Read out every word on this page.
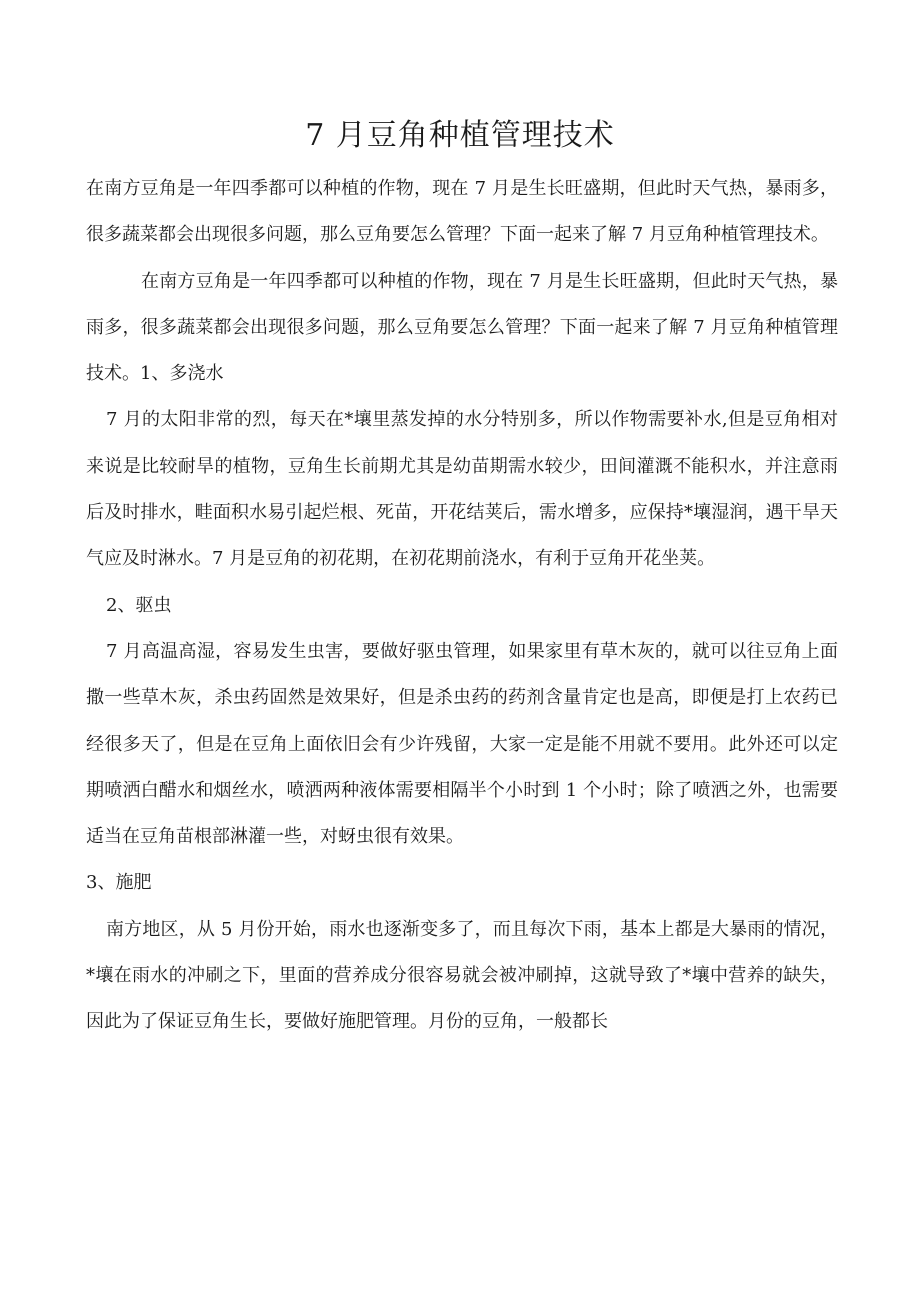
7 月豆角种植管理技术

在南方豆角是一年四季都可以种植的作物，现在 7 月是生长旺盛期，但此时天气热，暴雨多，很多蔬菜都会出现很多问题，那么豆角要怎么管理？下面一起来了解 7 月豆角种植管理技术。

在南方豆角是一年四季都可以种植的作物，现在 7 月是生长旺盛期，但此时天气热，暴雨多，很多蔬菜都会出现很多问题，那么豆角要怎么管理？下面一起来了解 7 月豆角种植管理技术。1、多浇水

7 月的太阳非常的烈，每天在*壤里蒸发掉的水分特别多，所以作物需要补水,但是豆角相对来说是比较耐旱的植物，豆角生长前期尤其是幼苗期需水较少，田间灌溉不能积水，并注意雨后及时排水，畦面积水易引起烂根、死苗，开花结荚后，需水增多，应保持*壤湿润，遇干旱天气应及时淋水。7 月是豆角的初花期，在初花期前浇水，有利于豆角开花坐荚。

2、驱虫

7 月高温高湿，容易发生虫害，要做好驱虫管理，如果家里有草木灰的，就可以往豆角上面撒一些草木灰，杀虫药固然是效果好，但是杀虫药的药剂含量肯定也是高，即便是打上农药已经很多天了，但是在豆角上面依旧会有少许残留，大家一定是能不用就不要用。此外还可以定期喷洒白醋水和烟丝水，喷洒两种液体需要相隔半个小时到 1 个小时；除了喷洒之外，也需要适当在豆角苗根部淋灌一些，对蚜虫很有效果。

3、施肥

南方地区，从 5 月份开始，雨水也逐渐变多了，而且每次下雨，基本上都是大暴雨的情况，*壤在雨水的冲刷之下，里面的营养成分很容易就会被冲刷掉，这就导致了*壤中营养的缺失，因此为了保证豆角生长，要做好施肥管理。月份的豆角，一般都长
